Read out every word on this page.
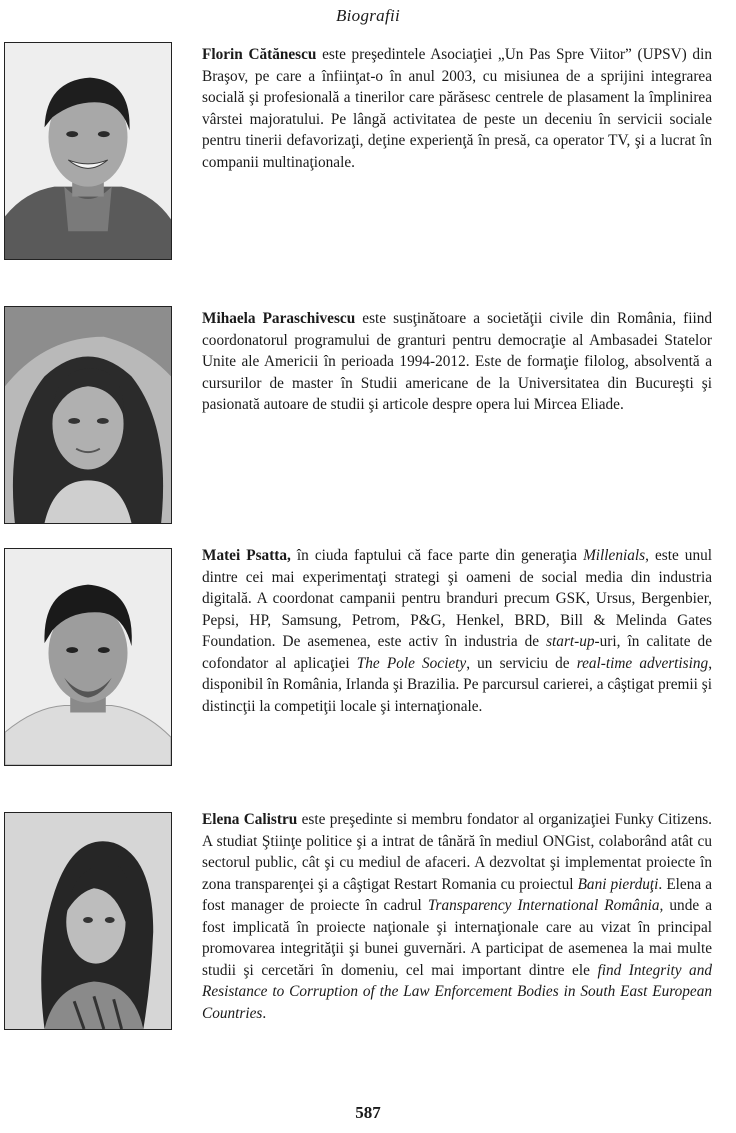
Biografii
Florin Cătănescu este preşedintele Asociaţiei „Un Pas Spre Viitor” (UPSV) din Braşov, pe care a înfiinţat-o în anul 2003, cu misiunea de a sprijini integrarea socială şi profesională a tinerilor care părăsesc centrele de plasament la împlinirea vârstei majoratului. Pe lângă activitatea de peste un deceniu în servicii sociale pentru tinerii defavorizaţi, deţine experienţă în presă, ca operator TV, şi a lucrat în companii multinaţionale.
Mihaela Paraschivescu este susţinătoare a societăţii civile din România, fiind coordonatorul programului de granturi pentru democraţie al Ambasadei Statelor Unite ale Americii în perioada 1994-2012. Este de formaţie filolog, absolventă a cursurilor de master în Studii americane de la Universitatea din Bucureşti şi pasionată autoare de studii şi articole despre opera lui Mircea Eliade.
Matei Psatta, în ciuda faptului că face parte din generaţia Millenials, este unul dintre cei mai experimentaţi strategi şi oameni de social media din industria digitală. A coordonat campanii pentru branduri precum GSK, Ursus, Bergenbier, Pepsi, HP, Samsung, Petrom, P&G, Henkel, BRD, Bill & Melinda Gates Foundation. De asemenea, este activ în industria de start-up-uri, în calitate de cofondator al aplicaţiei The Pole Society, un serviciu de real-time advertising, disponibil în România, Irlanda şi Brazilia. Pe parcursul carierei, a câştigat premii şi distincţii la competiţii locale şi internaţionale.
Elena Calistru este preşedinte si membru fondator al organizaţiei Funky Citizens. A studiat Ştiinţe politice şi a intrat de tânără în mediul ONGist, colaborând atât cu sectorul public, cât şi cu mediul de afaceri. A dezvoltat şi implementat proiecte în zona transparenţei şi a câştigat Restart Romania cu proiectul Bani pierduţi. Elena a fost manager de proiecte în cadrul Transparency International România, unde a fost implicată în proiecte naţionale şi internaţionale care au vizat în principal promovarea integrităţii şi bunei guvernări. A participat de asemenea la mai multe studii şi cercetări în domeniu, cel mai important dintre ele find Integrity and Resistance to Corruption of the Law Enforcement Bodies in South East European Countries.
587
